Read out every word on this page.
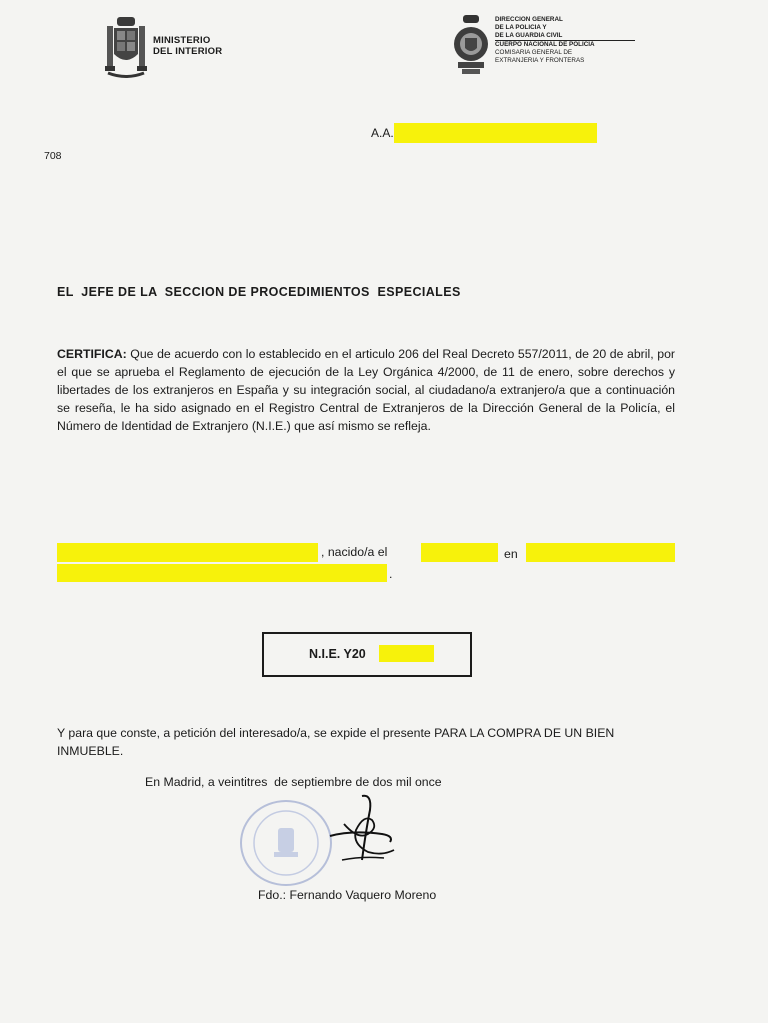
MINISTERIO
DEL INTERIOR
DIRECCION GENERAL
DE LA POLICIA Y
DE LA GUARDIA CIVIL
CUERPO NACIONAL DE POLICIA
COMISARIA GENERAL DE
EXTRANJERIA Y FRONTERAS
A.A.
708
EL  JEFE DE LA  SECCION DE PROCEDIMIENTOS  ESPECIALES
CERTIFICA: Que de acuerdo con lo establecido en el articulo 206 del Real Decreto 557/2011, de 20 de abril, por el que se aprueba el Reglamento de ejecución de la Ley Orgánica 4/2000, de 11 de enero, sobre derechos y libertades de los extranjeros en España y su integración social, al ciudadano/a extranjero/a que a continuación se reseña, le ha sido asignado en el Registro Central de Extranjeros de la Dirección General de la Policía, el Número de Identidad de Extranjero (N.I.E.) que así mismo se refleja.
, nacido/a el	en
.
N.I.E. Y20
Y para que conste, a petición del interesado/a, se expide el presente PARA LA COMPRA DE UN BIEN INMUEBLE.
En Madrid, a veintitres  de septiembre de dos mil once
Fdo.: Fernando Vaquero Moreno
